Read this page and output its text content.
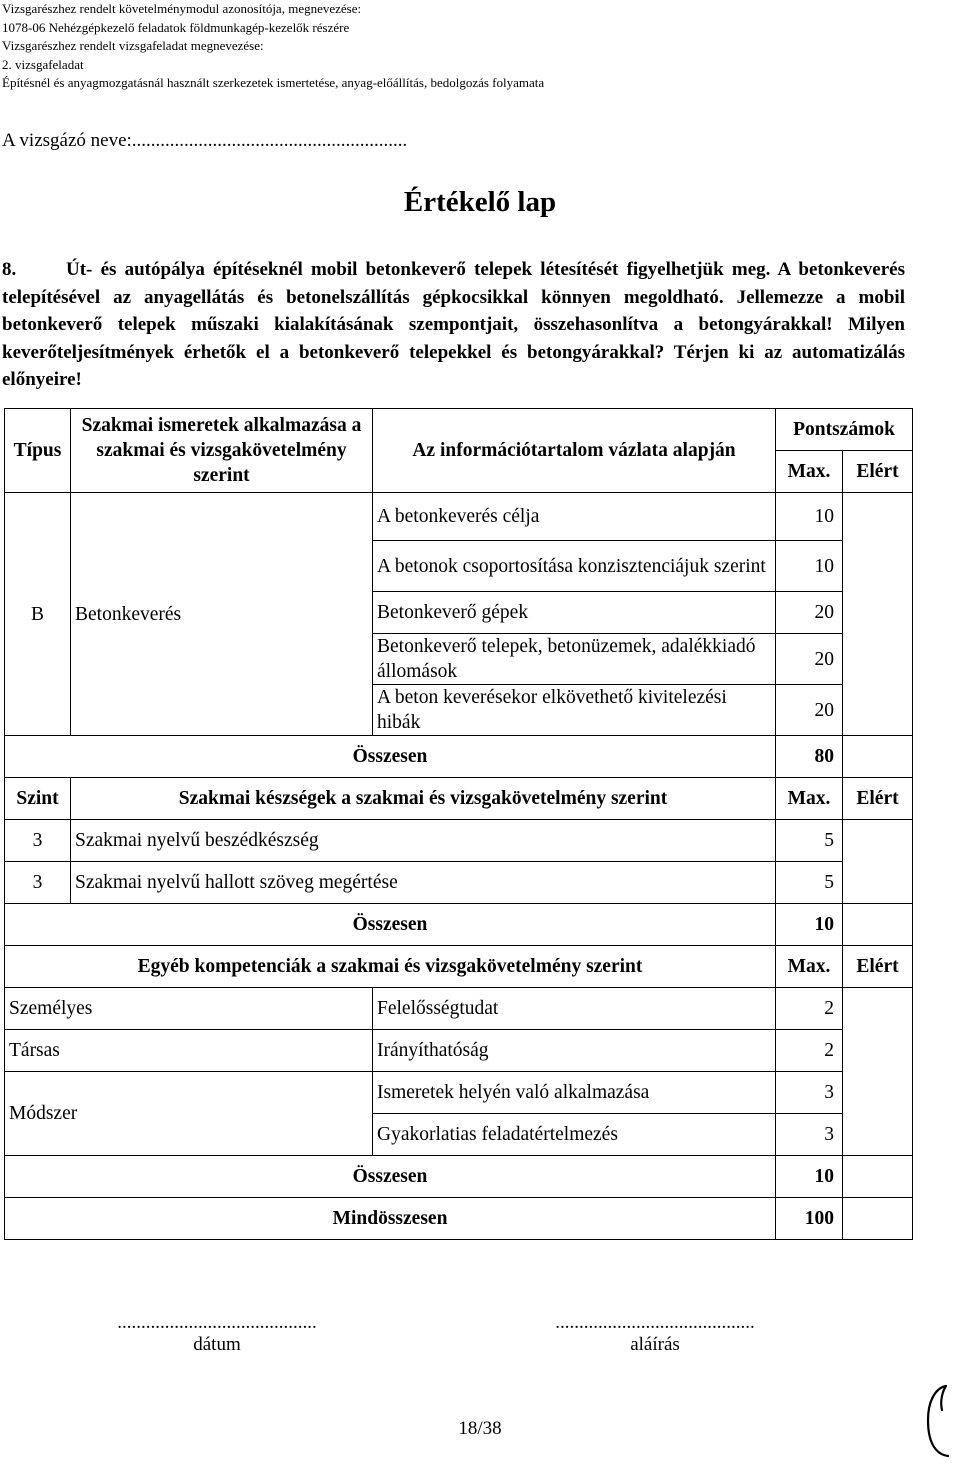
Vizsgarészhez rendelt követelménymodul azonosítója, megnevezése:
1078-06 Nehézgépkezelő feladatok földmunkagép-kezelők részére
Vizsgarészhez rendelt vizsgafeladat megnevezése:
2. vizsgafeladat
Építésnél és anyagmozgatásnál használt szerkezetek ismertetése, anyag-előállítás, bedolgozás folyamata
A vizsgázó neve:..........................................................
Értékelő lap
8.	Út- és autópálya építéseknél mobil betonkeverő telepek létesítését figyelhetjük meg. A betonkeverés telepítésével az anyagellátás és betonelszállítás gépkocsikkal könnyen megoldható. Jellemezze a mobil betonkeverő telepek műszaki kialakításának szempontjait, összehasonlítva a betongyárakkal! Milyen keverőteljesítmények érhetők el a betonkeverő telepekkel és betongyárakkal? Térjen ki az automatizálás előnyeire!
Típus	Szakmai ismeretek alkalmazása a szakmai és vizsgakövetelmény szerint	Az információtartalom vázlata alapján	Pontszámok	
			Max.	Elért
B	Betonkeverés	A betonkeverés célja	10	
		A betonok csoportosítása konzisztenciájuk szerint	10	
		Betonkeverő gépek	20	
		Betonkeverő telepek, betonüzemek, adalékkiadó állomások	20	
		A beton keverésekor elkövethető kivitelezési hibák	20	
Összesen			80	
Szint	Szakmai készségek a szakmai és vizsgakövetelmény szerint		Max.	Elért
3	Szakmai nyelvű beszédkészség		5	
3	Szakmai nyelvű hallott szöveg megértése		5	
Összesen			10	
Egyéb kompetenciák a szakmai és vizsgakövetelmény szerint			Max.	Elért
Személyes		Felelősségtudat	2	
Társas		Irányíthatóság	2	
Módszer		Ismeretek helyén való alkalmazása	3	
		Gyakorlatias feladatértelmezés	3	
Összesen			10	
Mindösszesen			100	
..........................................
dátum
..........................................
aláírás
18/38
